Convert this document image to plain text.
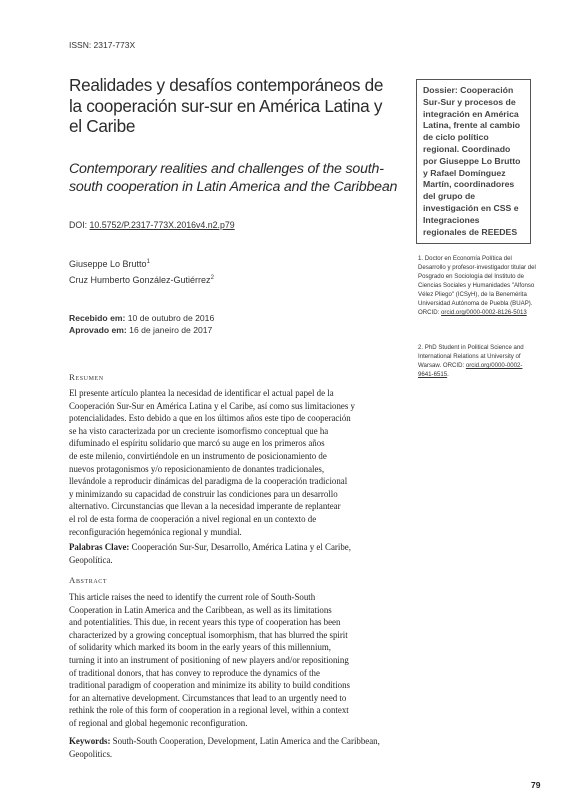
ISSN: 2317-773X
Realidades y desafíos contemporáneos de la cooperación sur-sur en América Latina y el Caribe
Contemporary realities and challenges of the south-south cooperation in Latin America and the Caribbean
DOI: 10.5752/P.2317-773X.2016v4.n2.p79
Giuseppe Lo Brutto$^1$
Cruz Humberto González-Gutiérrez$^2$
Recebido em: 10 de outubro de 2016
Aprovado em: 16 de janeiro de 2017
Resumen
El presente artículo plantea la necesidad de identificar el actual papel de la
Cooperación Sur-Sur en América Latina y el Caribe, así como sus limitaciones y
potencialidades. Esto debido a que en los últimos años este tipo de cooperación
se ha visto caracterizada por un creciente isomorfismo conceptual que ha
difuminado el espíritu solidario que marcó su auge en los primeros años
de este milenio, convirtiéndole en un instrumento de posicionamiento de
nuevos protagonismos y/o reposicionamiento de donantes tradicionales,
llevándole a reproducir dinámicas del paradigma de la cooperación tradicional
y minimizando su capacidad de construir las condiciones para un desarrollo
alternativo. Circunstancias que llevan a la necesidad imperante de replantear
el rol de esta forma de cooperación a nivel regional en un contexto de
reconfiguración hegemónica regional y mundial.
Palabras Clave: Cooperación Sur-Sur, Desarrollo, América Latina y el Caribe, Geopolítica.
Abstract
This article raises the need to identify the current role of South-South
Cooperation in Latin America and the Caribbean, as well as its limitations
and potentialities. This due, in recent years this type of cooperation has been
characterized by a growing conceptual isomorphism, that has blurred the spirit
of solidarity which marked its boom in the early years of this millennium,
turning it into an instrument of positioning of new players and/or repositioning
of traditional donors, that has convey to reproduce the dynamics of the
traditional paradigm of cooperation and minimize its ability to build conditions
for an alternative development. Circumstances that lead to an urgently need to
rethink the role of this form of cooperation in a regional level, within a context
of regional and global hegemonic reconfiguration.
Keywords: South-South Cooperation, Development, Latin America and the Caribbean, Geopolitics.
Dossier: Cooperación Sur-Sur y procesos de integración en América Latina, frente al cambio de ciclo político regional. Coordinado por Giuseppe Lo Brutto y Rafael Domínguez Martín, coordinadores del grupo de investigación en CSS e Integraciones regionales de REEDES
1. Doctor en Economía Política del Desarrollo y profesor-investigador titular del Posgrado en Sociología del Instituto de Ciencias Sociales y Humanidades "Alfonso Vélez Pliego" (ICSyH), de la Benemérita Universidad Autónoma de Puebla (BUAP). ORCID: orcid.org/0000-0002-8126-5013
2. PhD Student in Political Science and International Relations at University of Warsaw. ORCID: orcid.org/0000-0002-9641-6515.
79
